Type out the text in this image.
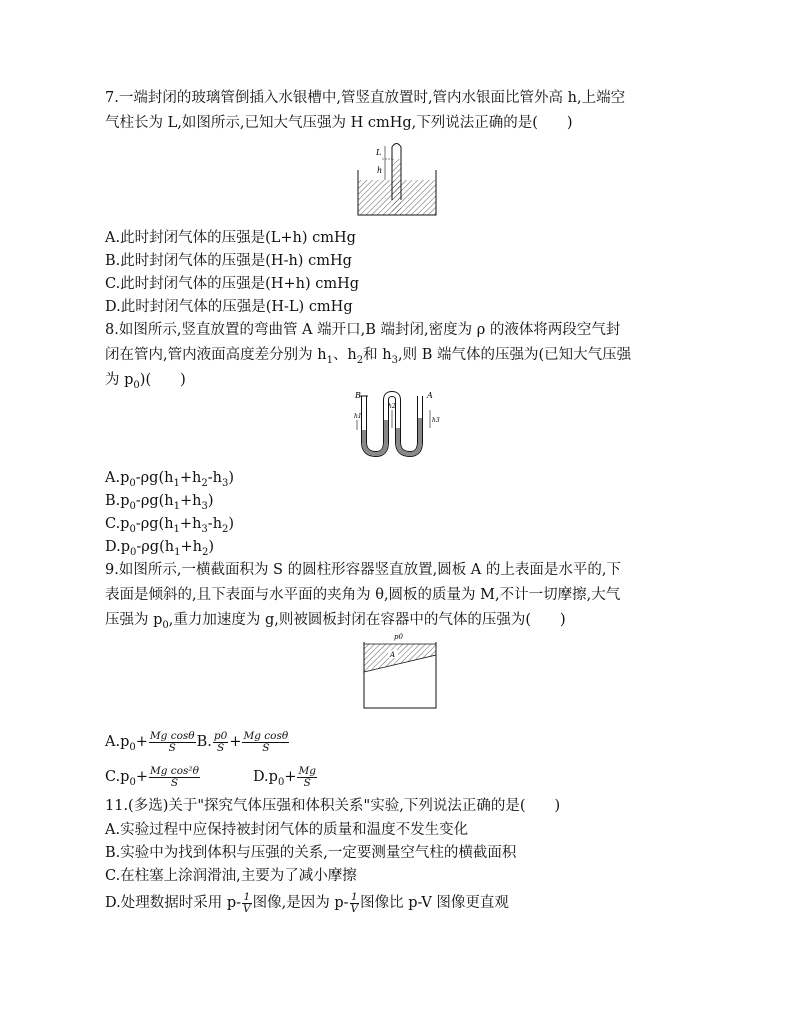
7.一端封闭的玻璃管倒插入水银槽中,管竖直放置时,管内水银面比管外高 h,上端空
气柱长为 L,如图所示,已知大气压强为 H cmHg,下列说法正确的是(　　)
L
h
A.此时封闭气体的压强是(L+h) cmHg
B.此时封闭气体的压强是(H-h) cmHg
C.此时封闭气体的压强是(H+h) cmHg
D.此时封闭气体的压强是(H-L) cmHg
8.如图所示,竖直放置的弯曲管 A 端开口,B 端封闭,密度为 ρ 的液体将两段空气封
闭在管内,管内液面高度差分别为 $h_1$、$h_2$和 $h_3$,则 B 端气体的压强为(已知大气压强
为 $p_0$)(　　)
B	A
h1
h2
h3
$A.p_0-\rho g(h_1+h_2-h_3)$
$B.p_0-\rho g(h_1+h_3)$
$C.p_0-\rho g(h_1+h_3-h_2)$
$D.p_0-\rho g(h_1+h_2)$
9.如图所示,一横截面积为 S 的圆柱形容器竖直放置,圆板 A 的上表面是水平的,下
表面是倾斜的,且下表面与水平面的夹角为 θ,圆板的质量为 M,不计一切摩擦,大气
压强为 $p_0$,重力加速度为 g,则被圆板封闭在容器中的气体的压强为(　　)
p0
A
$A.p_0+ \frac{\text{Mg cosθ}}{S} B$. $\frac{p0}{S} + \frac{\text{Mg cosθ}}{S}$
$C.p_0+ \frac{\text{Mg cos²θ}}{S}$	$D.p_0+ \frac{Mg}{S}$
11.(多选)关于"探究气体压强和体积关系"实验,下列说法正确的是(　　)
A.实验过程中应保持被封闭气体的质量和温度不发生变化
B.实验中为找到体积与压强的关系,一定要测量空气柱的横截面积
C.在柱塞上涂润滑油,主要为了减小摩擦
D.处理数据时采用 $p- \frac{1}{V}$ 图像,是因为 $p- \frac{1}{V}$ 图像比 p-V 图像更直观
